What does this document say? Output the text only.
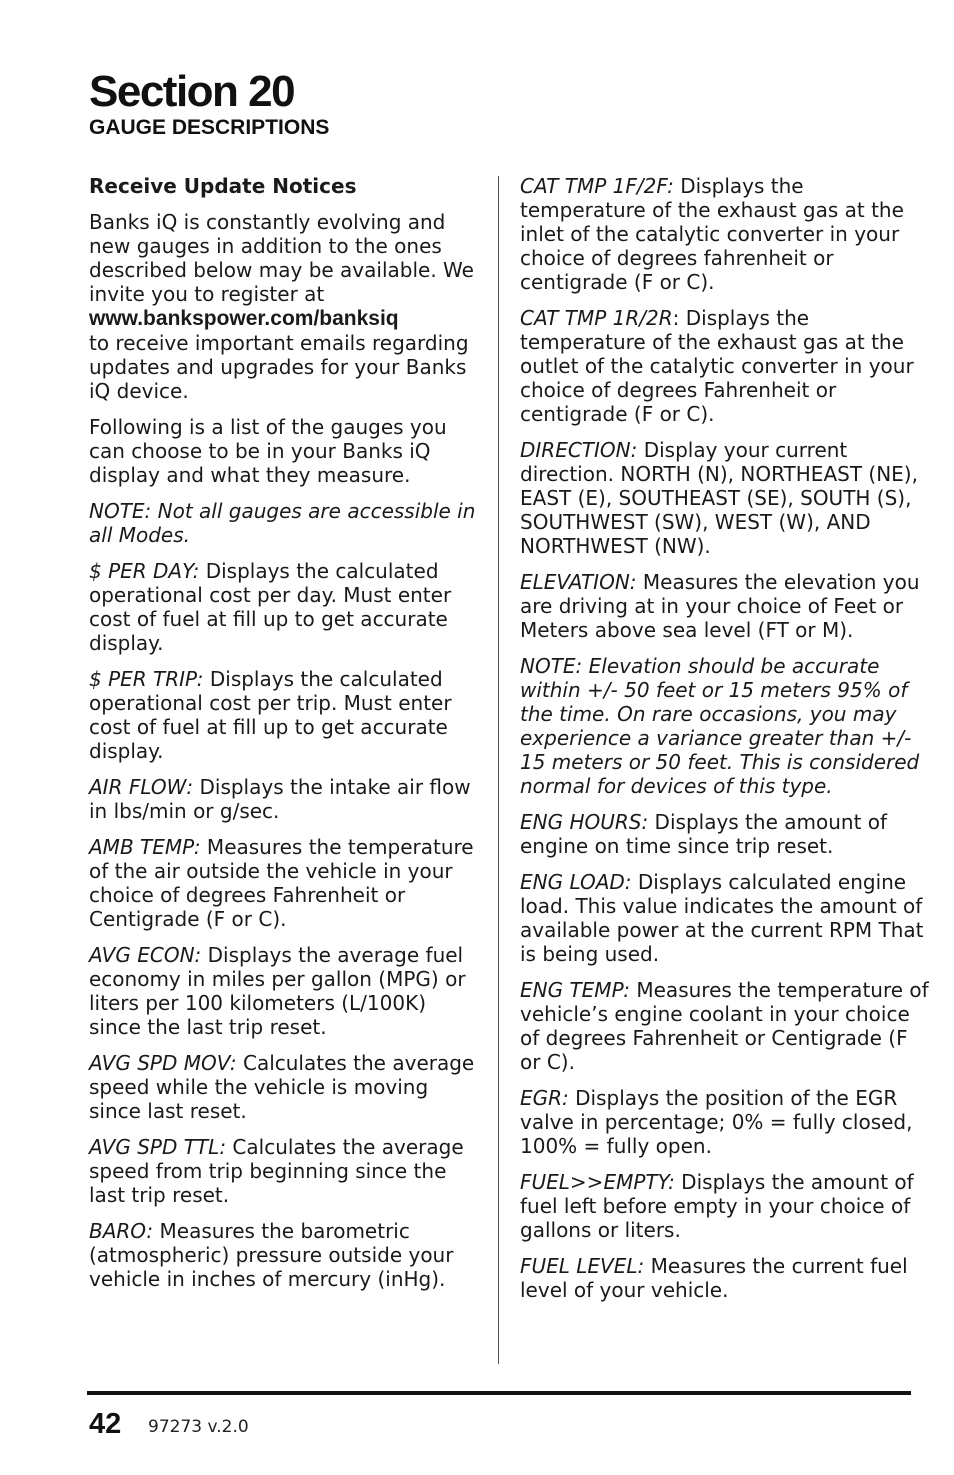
Section 20
GAUGE DESCRIPTIONS
Receive Update Notices

Banks iQ is constantly evolving and new gauges in addition to the ones described below may be available. We invite you to register at
www.bankspower.com/banksiq
to receive important emails regarding updates and upgrades for your Banks iQ device.

Following is a list of the gauges you can choose to be in your Banks iQ display and what they measure.

NOTE: Not all gauges are accessible in all Modes.

$ PER DAY: Displays the calculated operational cost per day. Must enter cost of fuel at fill up to get accurate display.

$ PER TRIP: Displays the calculated operational cost per trip. Must enter cost of fuel at fill up to get accurate display.

AIR FLOW: Displays the intake air flow in lbs/min or g/sec.

AMB TEMP: Measures the temperature of the air outside the vehicle in your choice of degrees Fahrenheit or Centigrade (F or C).

AVG ECON: Displays the average fuel economy in miles per gallon (MPG) or liters per 100 kilometers (L/100K) since the last trip reset.

AVG SPD MOV: Calculates the average speed while the vehicle is moving since last reset.

AVG SPD TTL: Calculates the average speed from trip beginning since the last trip reset.

BARO: Measures the barometric (atmospheric) pressure outside your vehicle in inches of mercury (inHg).

CAT TMP 1F/2F: Displays the temperature of the exhaust gas at the inlet of the catalytic converter in your choice of degrees fahrenheit or centigrade (F or C).

CAT TMP 1R/2R: Displays the temperature of the exhaust gas at the outlet of the catalytic converter in your choice of degrees Fahrenheit or centigrade (F or C).

DIRECTION: Display your current direction. NORTH (N), NORTHEAST (NE), EAST (E), SOUTHEAST (SE), SOUTH (S), SOUTHWEST (SW), WEST (W), AND NORTHWEST (NW).

ELEVATION: Measures the elevation you are driving at in your choice of Feet or Meters above sea level (FT or M).

NOTE: Elevation should be accurate within +/- 50 feet or 15 meters 95% of the time. On rare occasions, you may experience a variance greater than +/- 15 meters or 50 feet. This is considered normal for devices of this type.

ENG HOURS: Displays the amount of engine on time since trip reset.

ENG LOAD: Displays calculated engine load. This value indicates the amount of available power at the current RPM That is being used.

ENG TEMP: Measures the temperature of vehicle’s engine coolant in your choice of degrees Fahrenheit or Centigrade (F or C).

EGR: Displays the position of the EGR valve in percentage; 0% = fully closed, 100% = fully open.

FUEL>>EMPTY: Displays the amount of fuel left before empty in your choice of gallons or liters.

FUEL LEVEL: Measures the current fuel level of your vehicle.

42 97273 v.2.0
